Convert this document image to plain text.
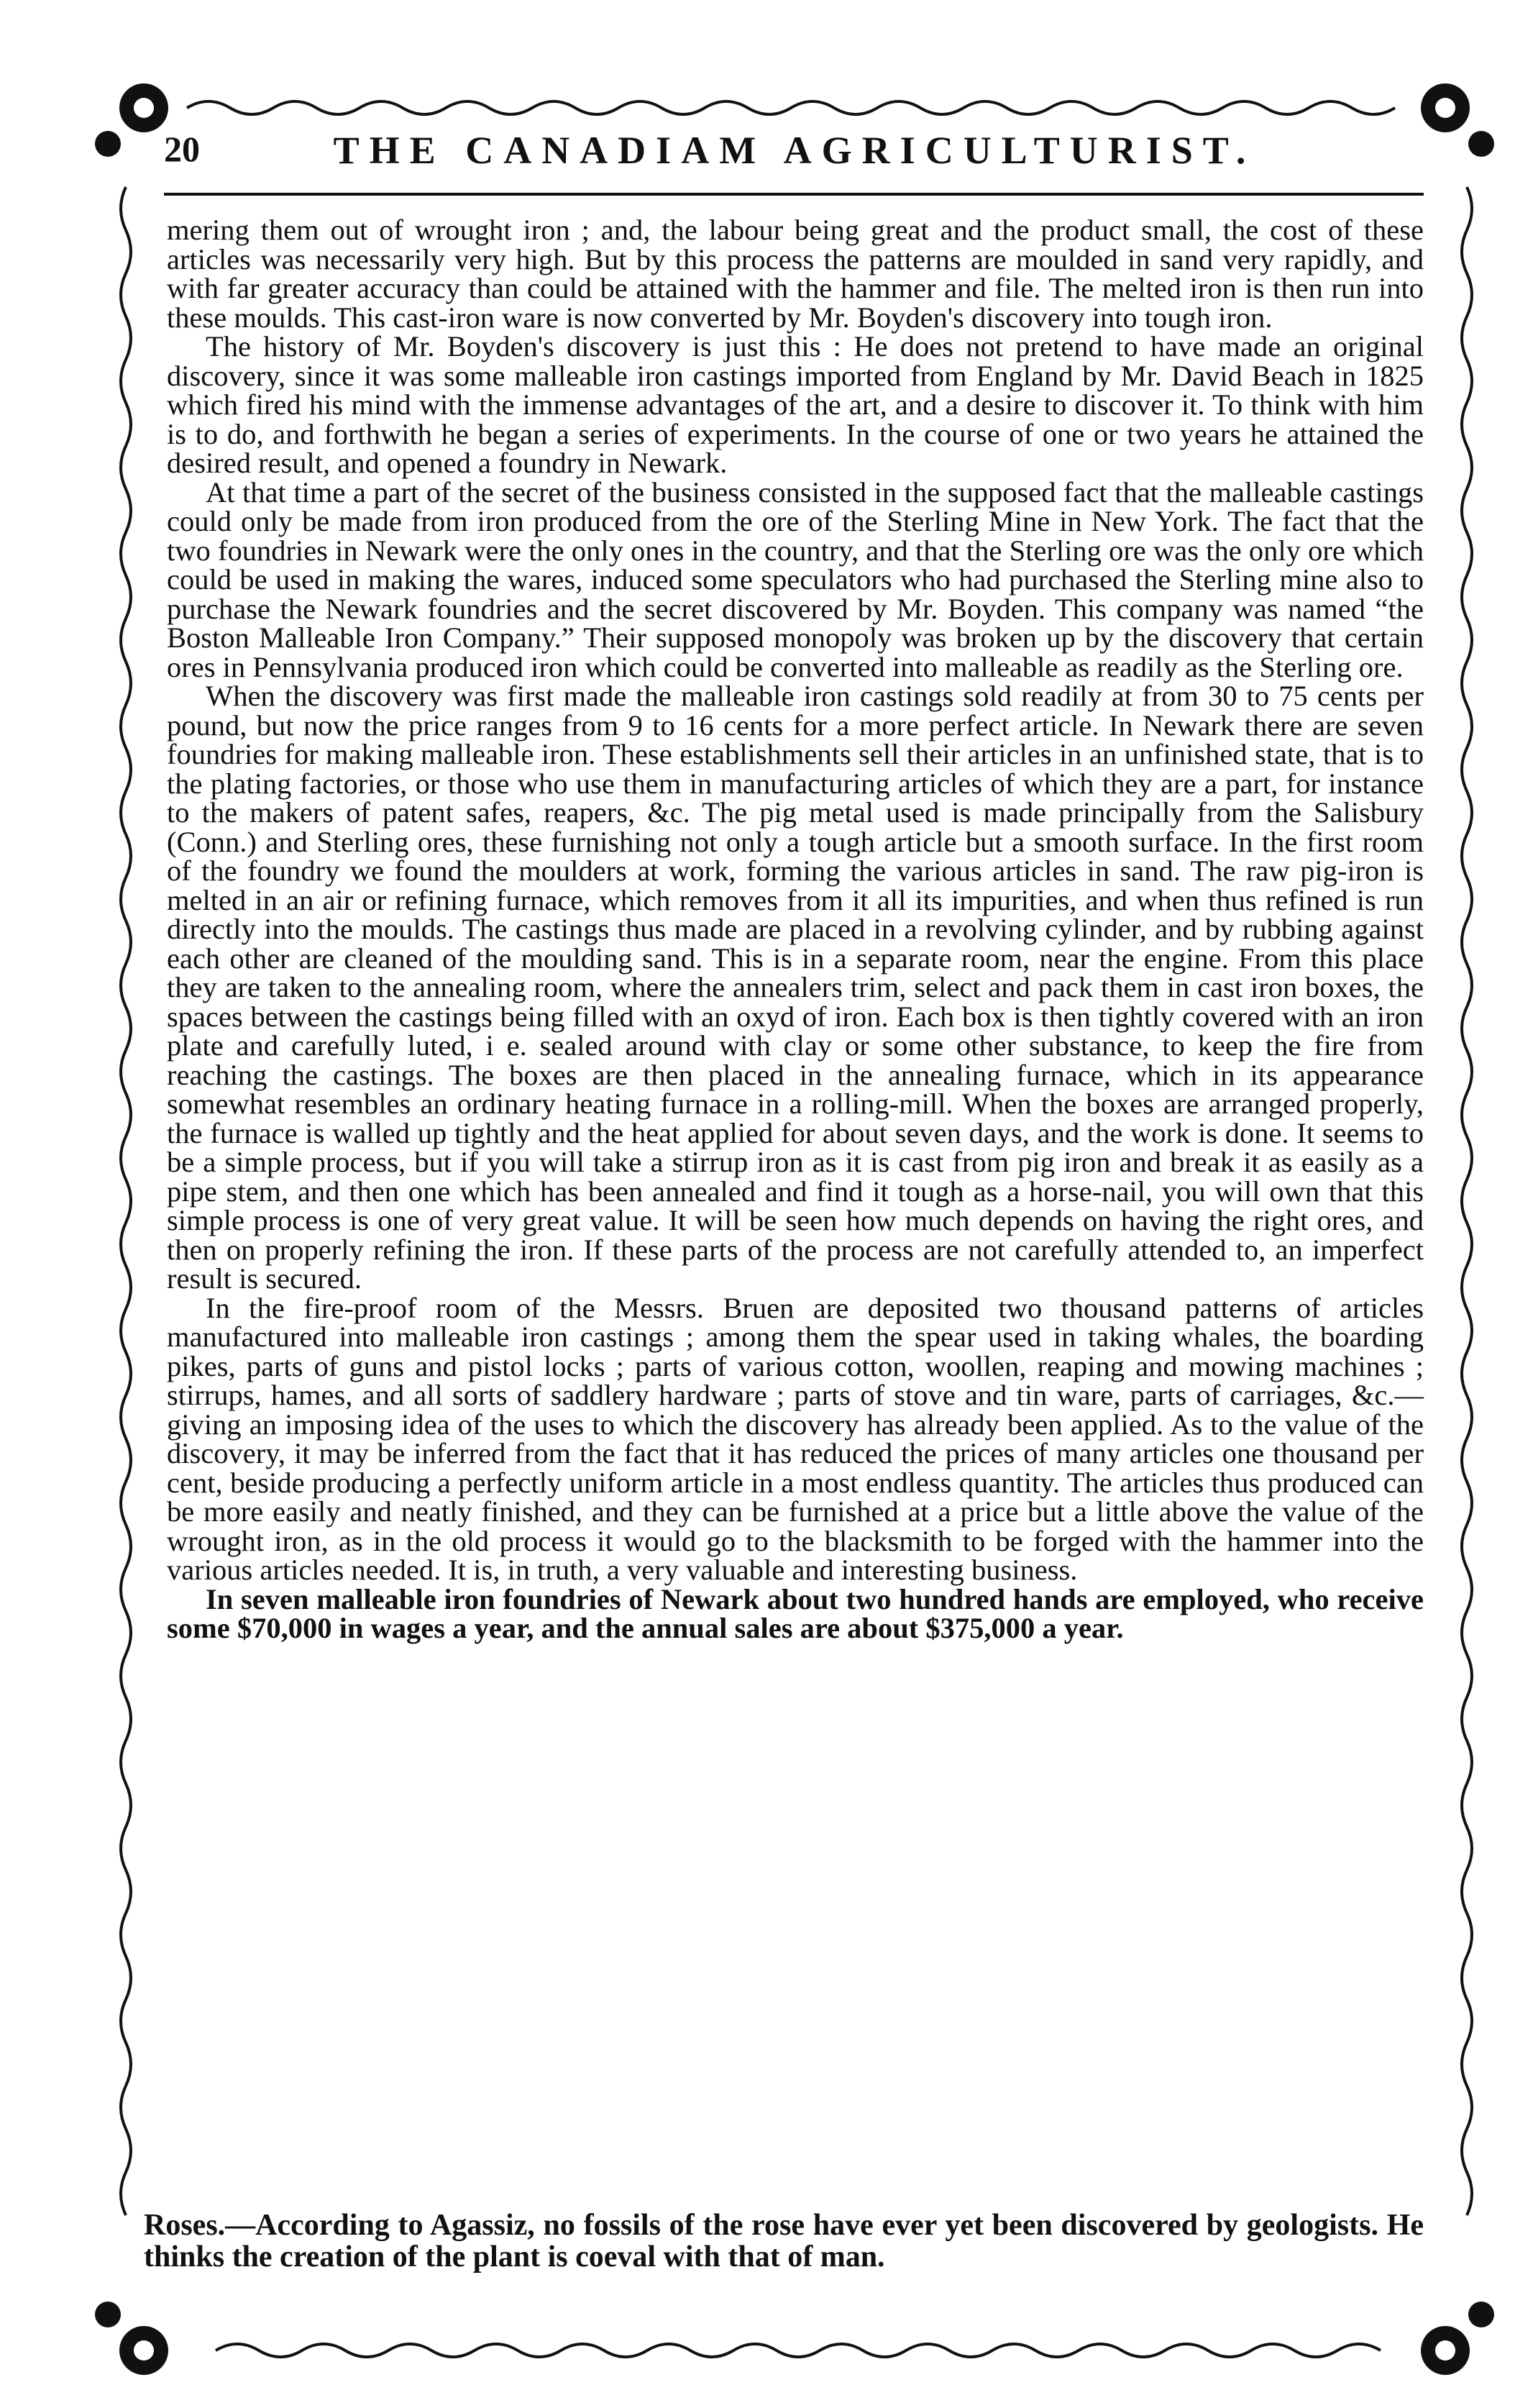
20	THE CANADIAM AGRICULTURIST.

mering them out of wrought iron ; and, the labour being great and the product small, the cost of these articles was necessarily very high. But by this process the patterns are moulded in sand very rapidly, and with far greater accuracy than could be attained with the hammer and file. The melted iron is then run into these moulds. This cast-iron ware is now converted by Mr. Boyden's discovery into tough iron.

The history of Mr. Boyden's discovery is just this : He does not pretend to have made an original discovery, since it was some malleable iron castings imported from England by Mr. David Beach in 1825 which fired his mind with the immense advantages of the art, and a desire to discover it. To think with him is to do, and forthwith he began a series of experiments. In the course of one or two years he attained the desired result, and opened a foundry in Newark.

At that time a part of the secret of the business consisted in the supposed fact that the malleable castings could only be made from iron produced from the ore of the Sterling Mine in New York. The fact that the two foundries in Newark were the only ones in the country, and that the Sterling ore was the only ore which could be used in making the wares, induced some speculators who had purchased the Sterling mine also to purchase the Newark foundries and the secret discovered by Mr. Boyden. This company was named “the Boston Malleable Iron Company.” Their supposed monopoly was broken up by the discovery that certain ores in Pennsylvania produced iron which could be converted into malleable as readily as the Sterling ore.

When the discovery was first made the malleable iron castings sold readily at from 30 to 75 cents per pound, but now the price ranges from 9 to 16 cents for a more perfect article. In Newark there are seven foundries for making malleable iron. These establishments sell their articles in an unfinished state, that is to the plating factories, or those who use them in manufacturing articles of which they are a part, for instance to the makers of patent safes, reapers, &c. The pig metal used is made principally from the Salisbury (Conn.) and Sterling ores, these furnishing not only a tough article but a smooth surface. In the first room of the foundry we found the moulders at work, forming the various articles in sand. The raw pig-iron is melted in an air or refining furnace, which removes from it all its impurities, and when thus refined is run directly into the moulds. The castings thus made are placed in a revolving cylinder, and by rubbing against each other are cleaned of the moulding sand. This is in a separate room, near the engine. From this place they are taken to the annealing room, where the annealers trim, select and pack them in cast iron boxes, the spaces between the castings being filled with an oxyd of iron. Each box is then tightly covered with an iron plate and carefully luted, i e. sealed around with clay or some other substance, to keep the fire from reaching the castings. The boxes are then placed in the annealing furnace, which in its appearance somewhat resembles an ordinary heating furnace in a rolling-mill. When the boxes are arranged properly, the furnace is walled up tightly and the heat applied for about seven days, and the work is done. It seems to be a simple process, but if you will take a stirrup iron as it is cast from pig iron and break it as easily as a pipe stem, and then one which has been annealed and find it tough as a horse-nail, you will own that this simple process is one of very great value. It will be seen how much depends on having the right ores, and then on properly refining the iron. If these parts of the process are not carefully attended to, an imperfect result is secured.

In the fire-proof room of the Messrs. Bruen are deposited two thousand patterns of articles manufactured into malleable iron castings ; among them the spear used in taking whales, the boarding pikes, parts of guns and pistol locks ; parts of various cotton, woollen, reaping and mowing machines ; stirrups, hames, and all sorts of saddlery hardware ; parts of stove and tin ware, parts of carriages, &c.—giving an imposing idea of the uses to which the discovery has already been applied. As to the value of the discovery, it may be inferred from the fact that it has reduced the prices of many articles one thousand per cent, beside producing a perfectly uniform article in a most endless quantity. The articles thus produced can be more easily and neatly finished, and they can be furnished at a price but a little above the value of the wrought iron, as in the old process it would go to the blacksmith to be forged with the hammer into the various articles needed. It is, in truth, a very valuable and interesting business.

In seven malleable iron foundries of Newark about two hundred hands are employed, who receive some $70,000 in wages a year, and the annual sales are about $375,000 a year.

Roses.—According to Agassiz, no fossils of the rose have ever yet been discovered by geologists. He thinks the creation of the plant is coeval with that of man.
